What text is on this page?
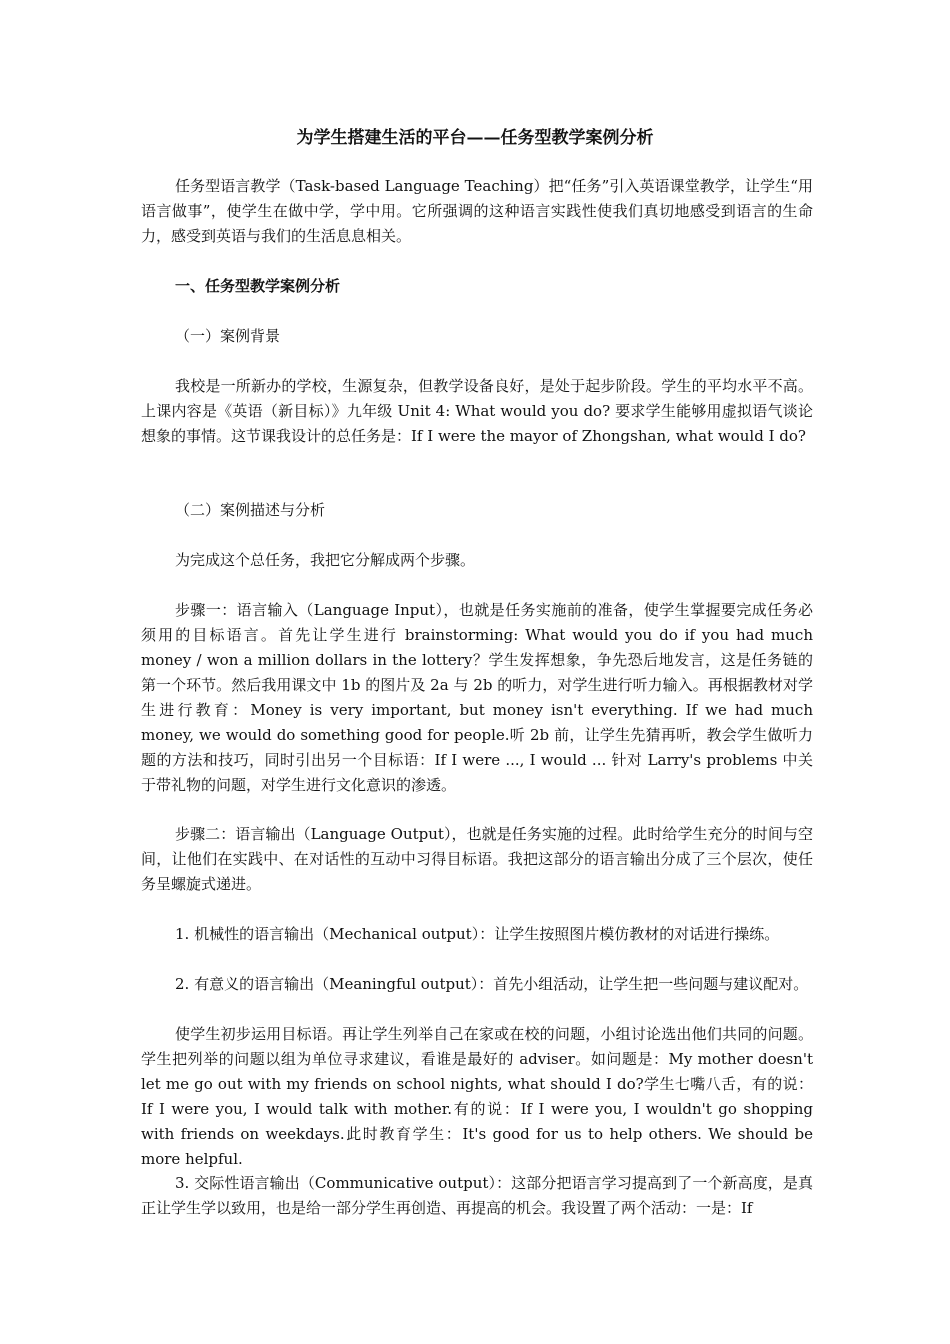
为学生搭建生活的平台——任务型教学案例分析

任务型语言教学（Task-based Language Teaching）把“任务”引入英语课堂教学，让学生“用语言做事”，使学生在做中学，学中用。它所强调的这种语言实践性使我们真切地感受到语言的生命力，感受到英语与我们的生活息息相关。

一、任务型教学案例分析

（一）案例背景

我校是一所新办的学校，生源复杂，但教学设备良好，是处于起步阶段。学生的平均水平不高。上课内容是《英语（新目标）》九年级 Unit 4: What would you do? 要求学生能够用虚拟语气谈论想象的事情。这节课我设计的总任务是：If I were the mayor of Zhongshan, what would I do?

（二）案例描述与分析

为完成这个总任务，我把它分解成两个步骤。

步骤一：语言输入（Language Input），也就是任务实施前的准备，使学生掌握要完成任务必须用的目标语言。首先让学生进行 brainstorming: What would you do if you had much money / won a million dollars in the lottery？学生发挥想象，争先恐后地发言，这是任务链的第一个环节。然后我用课文中 1b 的图片及 2a 与 2b 的听力，对学生进行听力输入。再根据教材对学生进行教育：Money is very important, but money isn't everything. If we had much money, we would do something good for people.听 2b 前，让学生先猜再听，教会学生做听力题的方法和技巧，同时引出另一个目标语：If I were ..., I would ... 针对 Larry's problems 中关于带礼物的问题，对学生进行文化意识的渗透。

步骤二：语言输出（Language Output），也就是任务实施的过程。此时给学生充分的时间与空间，让他们在实践中、在对话性的互动中习得目标语。我把这部分的语言输出分成了三个层次，使任务呈螺旋式递进。

1. 机械性的语言输出（Mechanical output）：让学生按照图片模仿教材的对话进行操练。

2. 有意义的语言输出（Meaningful output）：首先小组活动，让学生把一些问题与建议配对。

使学生初步运用目标语。再让学生列举自己在家或在校的问题，小组讨论选出他们共同的问题。学生把列举的问题以组为单位寻求建议，看谁是最好的 adviser。如问题是：My mother doesn't let me go out with my friends on school nights, what should I do?学生七嘴八舌，有的说：If I were you, I would talk with mother.有的说：If I were you, I wouldn't go shopping with friends on weekdays.此时教育学生：It's good for us to help others. We should be more helpful.

3. 交际性语言输出（Communicative output）：这部分把语言学习提高到了一个新高度，是真正让学生学以致用，也是给一部分学生再创造、再提高的机会。我设置了两个活动：一是：If
